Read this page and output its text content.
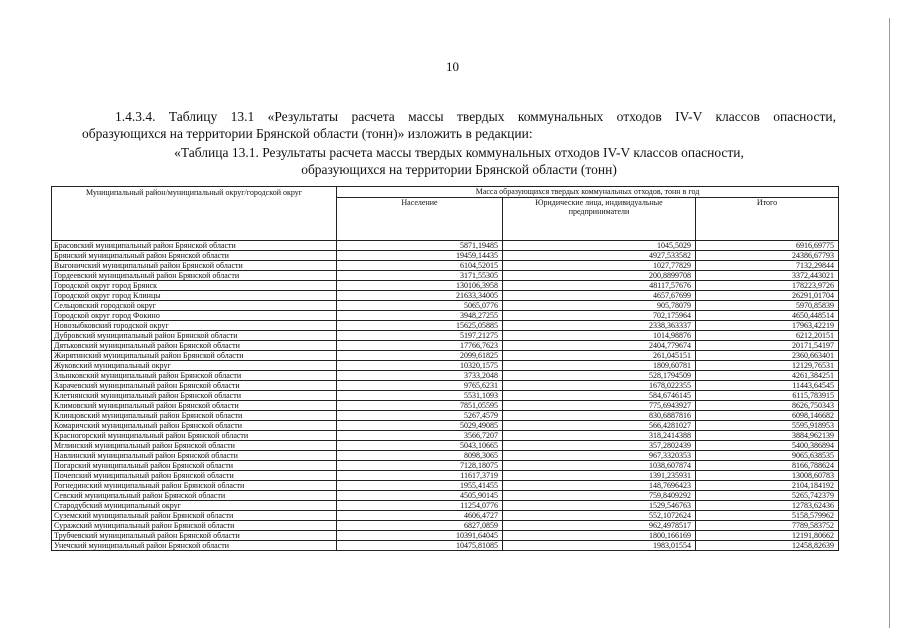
10
1.4.3.4. Таблицу 13.1 «Результаты расчета массы твердых коммунальных отходов IV-V классов опасности,
образующихся на территории Брянской области (тонн)» изложить в редакции:
«Таблица 13.1. Результаты расчета массы твердых коммунальных отходов IV-V классов опасности,
образующихся на территории Брянской области (тонн)
Муниципальный район/муниципальный округ/городской округ	Масса образующихся твердых коммунальных отходов, тонн в год		
	Население	Юридические лица, индивидуальные предприниматели	Итого
Брасовский муниципальный район Брянской области	5871,19485	1045,5029	6916,69775
Брянский муниципальный район Брянской области	19459,14435	4927,533582	24386,67793
Выгоничский муниципальный район Брянской области	6104,52015	1027,77829	7132,29844
Гордеевский муниципальный район Брянской области	3171,55305	200,8899708	3372,443021
Городской округ город Брянск	130106,3958	48117,57676	178223,9726
Городской округ город Клинцы	21633,34005	4657,67699	26291,01704
Сельцовский городской округ	5065,0776	905,78079	5970,85839
Городской округ город Фокино	3948,27255	702,175964	4650,448514
Новозыбковский городской округ	15625,05885	2338,363337	17963,42219
Дубровский муниципальный район Брянской области	5197,21275	1014,98876	6212,20151
Дятьковский муниципальный район Брянской области	17766,7623	2404,779674	20171,54197
Жирятинский муниципальный район Брянской области	2099,61825	261,045151	2360,663401
Жуковский муниципальный округ	10320,1575	1809,60781	12129,76531
Злынковский муниципальный район Брянской области	3733,2048	528,1794509	4261,384251
Карачевский муниципальный район Брянской области	9765,6231	1678,022355	11443,64545
Клетнянский муниципальный район Брянской области	5531,1093	584,6746145	6115,783915
Климовский муниципальный район Брянской области	7851,05595	775,6943927	8626,750343
Клинцовский муниципальный район Брянской области	5267,4579	830,6887816	6098,146682
Комаричский муниципальный район Брянской области	5029,49085	566,4281027	5595,918953
Красногорский муниципальный район Брянской области	3566,7207	318,2414388	3884,962139
Мглинский муниципальный район Брянской области	5043,10665	357,2802439	5400,386894
Навлинский муниципальный район Брянской области	8098,3065	967,3320353	9065,638535
Погарский муниципальный район Брянской области	7128,18075	1038,607874	8166,788624
Почепский муниципальный район Брянской области	11617,3719	1391,235931	13008,60783
Рогнединский муниципальный район Брянской области	1955,41455	148,7696423	2104,184192
Севский муниципальный район Брянской области	4505,90145	759,8409292	5265,742379
Стародубский муниципальный округ	11254,0776	1529,546763	12783,62436
Суземский муниципальный район Брянской области	4606,4727	552,1072624	5158,579962
Суражский муниципальный район Брянской области	6827,0859	962,4978517	7789,583752
Трубчевский муниципальный район Брянской области	10391,64045	1800,166169	12191,80662
Унечский муниципальный район Брянской области	10475,81085	1983,01554	12458,82639
